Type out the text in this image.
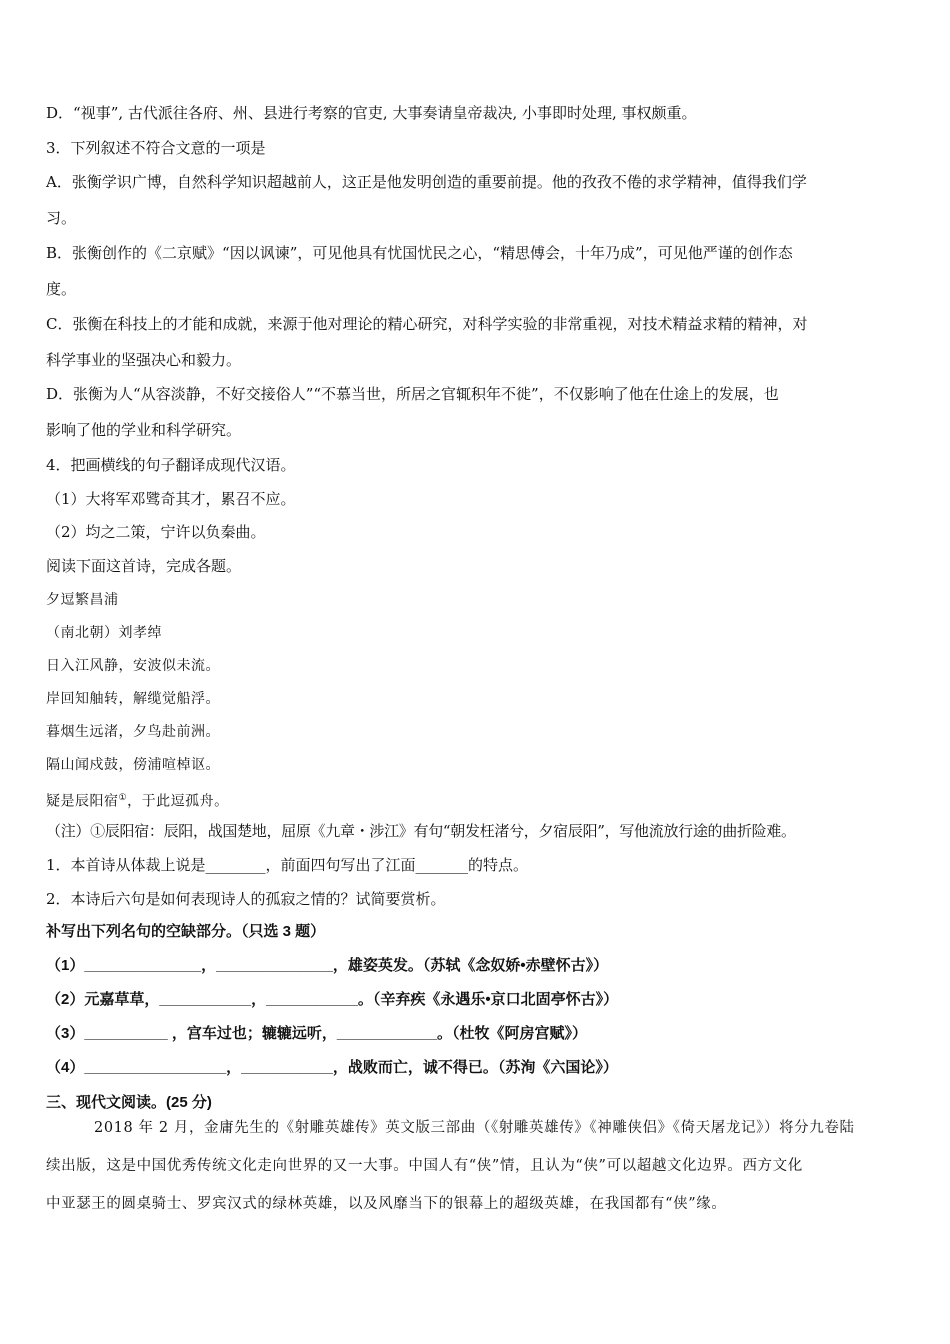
D．“视事”, 古代派往各府、州、县进行考察的官吏, 大事奏请皇帝裁决, 小事即时处理, 事权颇重。
3．下列叙述不符合文意的一项是
A．张衡学识广博，自然科学知识超越前人，这正是他发明创造的重要前提。他的孜孜不倦的求学精神，值得我们学
习。
B．张衡创作的《二京赋》“因以讽谏”，可见他具有忧国忧民之心，“精思傅会，十年乃成”，可见他严谨的创作态
度。
C．张衡在科技上的才能和成就，来源于他对理论的精心研究，对科学实验的非常重视，对技术精益求精的精神，对
科学事业的坚强决心和毅力。
D．张衡为人“从容淡静，不好交接俗人”“不慕当世，所居之官辄积年不徙”，不仅影响了他在仕途上的发展，也
影响了他的学业和科学研究。
4．把画横线的句子翻译成现代汉语。
（1）大将军邓骘奇其才，累召不应。
（2）均之二策，宁许以负秦曲。
阅读下面这首诗，完成各题。
夕逗繁昌浦
（南北朝）刘孝绰
日入江风静，安波似未流。
岸回知舳转，解缆觉船浮。
暮烟生远渚，夕鸟赴前洲。
隔山闻戍鼓，傍浦喧棹讴。
疑是辰阳宿①，于此逗孤舟。
（注）①辰阳宿：辰阳，战国楚地，屈原《九章・涉江》有句“朝发枉渚兮，夕宿辰阳”，写他流放行途的曲折险难。
1．本首诗从体裁上说是________，前面四句写出了江面_______的特点。
2．本诗后六句是如何表现诗人的孤寂之情的？试简要赏析。
补写出下列名句的空缺部分。（只选 3 题）
（1）______________，______________，雄姿英发。（苏轼《念奴娇•赤壁怀古》）
（2）元嘉草草，___________，___________。（辛弃疾《永遇乐•京口北固亭怀古》）
（3）__________ ，宫车过也；辘辘远听，____________。（杜牧《阿房宫赋》）
（4）_________________，___________，战败而亡，诚不得已。（苏洵《六国论》）
三、现代文阅读。(25 分)
2018 年 2 月，金庸先生的《射雕英雄传》英文版三部曲（《射雕英雄传》《神雕侠侣》《倚天屠龙记》）将分九卷陆
续出版，这是中国优秀传统文化走向世界的又一大事。中国人有“侠”情，且认为“侠”可以超越文化边界。西方文化
中亚瑟王的圆桌骑士、罗宾汉式的绿林英雄，以及风靡当下的银幕上的超级英雄，在我国都有“侠”缘。
